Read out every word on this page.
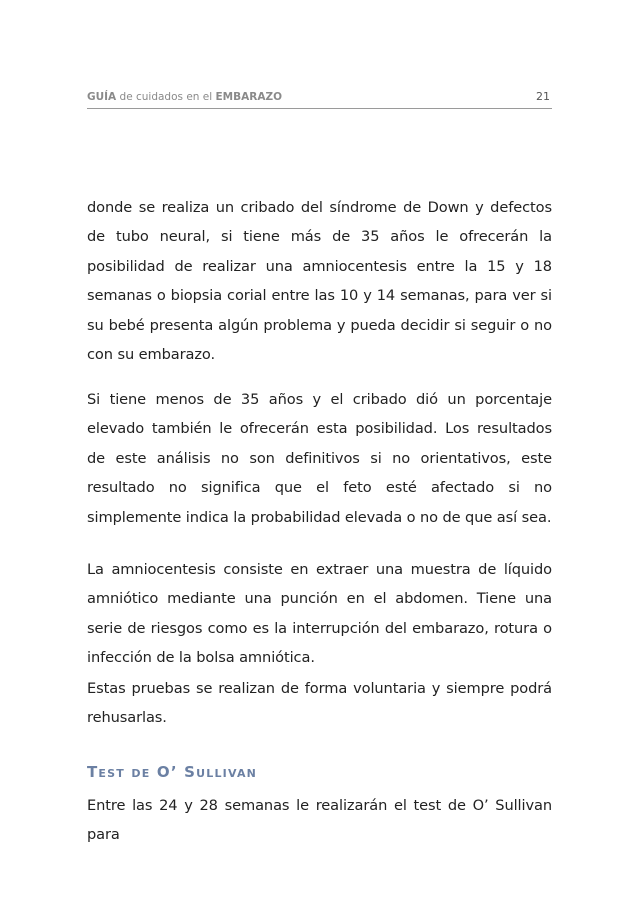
GUÍA de cuidados en el EMBARAZO	21

donde se realiza un cribado del síndrome de Down y defectos de tubo neural, si tiene más de 35 años le ofrecerán la posibilidad de realizar una amniocentesis entre la 15 y 18 semanas o biopsia corial entre las 10 y 14 semanas, para ver si su bebé presenta algún problema y pueda decidir si seguir o no con su embarazo.

Si tiene menos de 35 años y el cribado dió un porcentaje elevado también le ofrecerán esta posibilidad. Los resultados de este análisis no son definitivos si no orientativos, este resultado no significa que el feto esté afectado si no simplemente indica la probabilidad elevada o no de que así sea.

La amniocentesis consiste en extraer una muestra de líquido amniótico mediante una punción en el abdomen. Tiene una serie de riesgos como es la interrupción del embarazo, rotura o infección de la bolsa amniótica.

Estas pruebas se realizan de forma voluntaria y siempre podrá rehusarlas.

Test de O’ Sullivan

Entre las 24 y 28 semanas le realizarán el test de O’ Sullivan para
